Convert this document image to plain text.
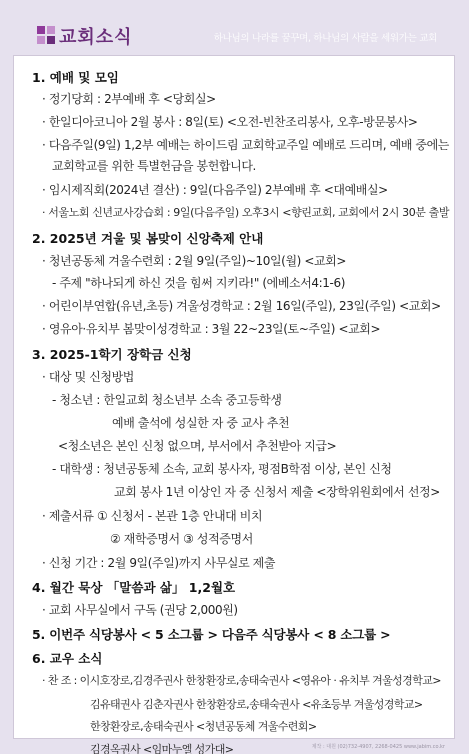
교회소식	하나님의 나라를 꿈꾸며, 하나님의 사람을 세워가는 교회
1. 예배 및 모임
· 정기당회 : 2부예배 후 <당회실>
· 한일디아코니아 2월 봉사 : 8일(토) <오전-빈찬조리봉사, 오후-방문봉사>
· 다음주일(9일) 1,2부 예배는 하이드림 교회학교주일 예배로 드리며, 예배 중에는
교회학교를 위한 특별헌금을 봉헌합니다.
· 임시제직회(2024년 결산) : 9일(다음주일) 2부예배 후 <대예배실>
· 서울노회 신년교사강습회 : 9일(다음주일) 오후3시 <향린교회, 교회에서 2시 30분 출발
2. 2025년 겨울 및 봄맞이 신앙축제 안내
· 청년공동체 겨울수련회 : 2월 9일(주일)~10일(월) <교회>
- 주제 "하나되게 하신 것을 힘써 지키라!" (에베소서4:1-6)
· 어린이부연합(유년,초등) 겨울성경학교 : 2월 16일(주일), 23일(주일) <교회>
· 영유아·유치부 봄맞이성경학교 : 3월 22~23일(토~주일) <교회>
3. 2025-1학기 장학금 신청
· 대상 및 신청방법
- 청소년 : 한일교회 청소년부 소속 중고등학생
예배 출석에 성실한 자 중 교사 추천
<청소년은 본인 신청 없으며, 부서에서 추천받아 지급>
- 대학생 : 청년공동체 소속, 교회 봉사자, 평점B학점 이상, 본인 신청
교회 봉사 1년 이상인 자 중 신청서 제출 <장학위원회에서 선정>
· 제출서류 ① 신청서 - 본관 1층 안내대 비치
② 재학증명서 ③ 성적증명서
· 신청 기간 : 2월 9일(주일)까지 사무실로 제출
4. 월간 묵상 「말씀과 삶」 1,2월호
· 교회 사무실에서 구독 (권당 2,000원)
5. 이번주 식당봉사 < 5 소그룹 > 다음주 식당봉사 < 8 소그룹 >
6. 교우 소식
· 찬 조 : 이시호장로,김경주권사 한창환장로,송태숙권사 <영유아 · 유치부 겨울성경학교>
김유태권사 김춘자권사 한창환장로,송태숙권사 <유초등부 겨울성경학교>
한창환장로,송태숙권사 <청년공동체 겨울수련회>
김경옥권사 <임마누엘 성가대>	제작 : 대원 (02)732-4907, 2268-0425 www.jabim.co.kr
